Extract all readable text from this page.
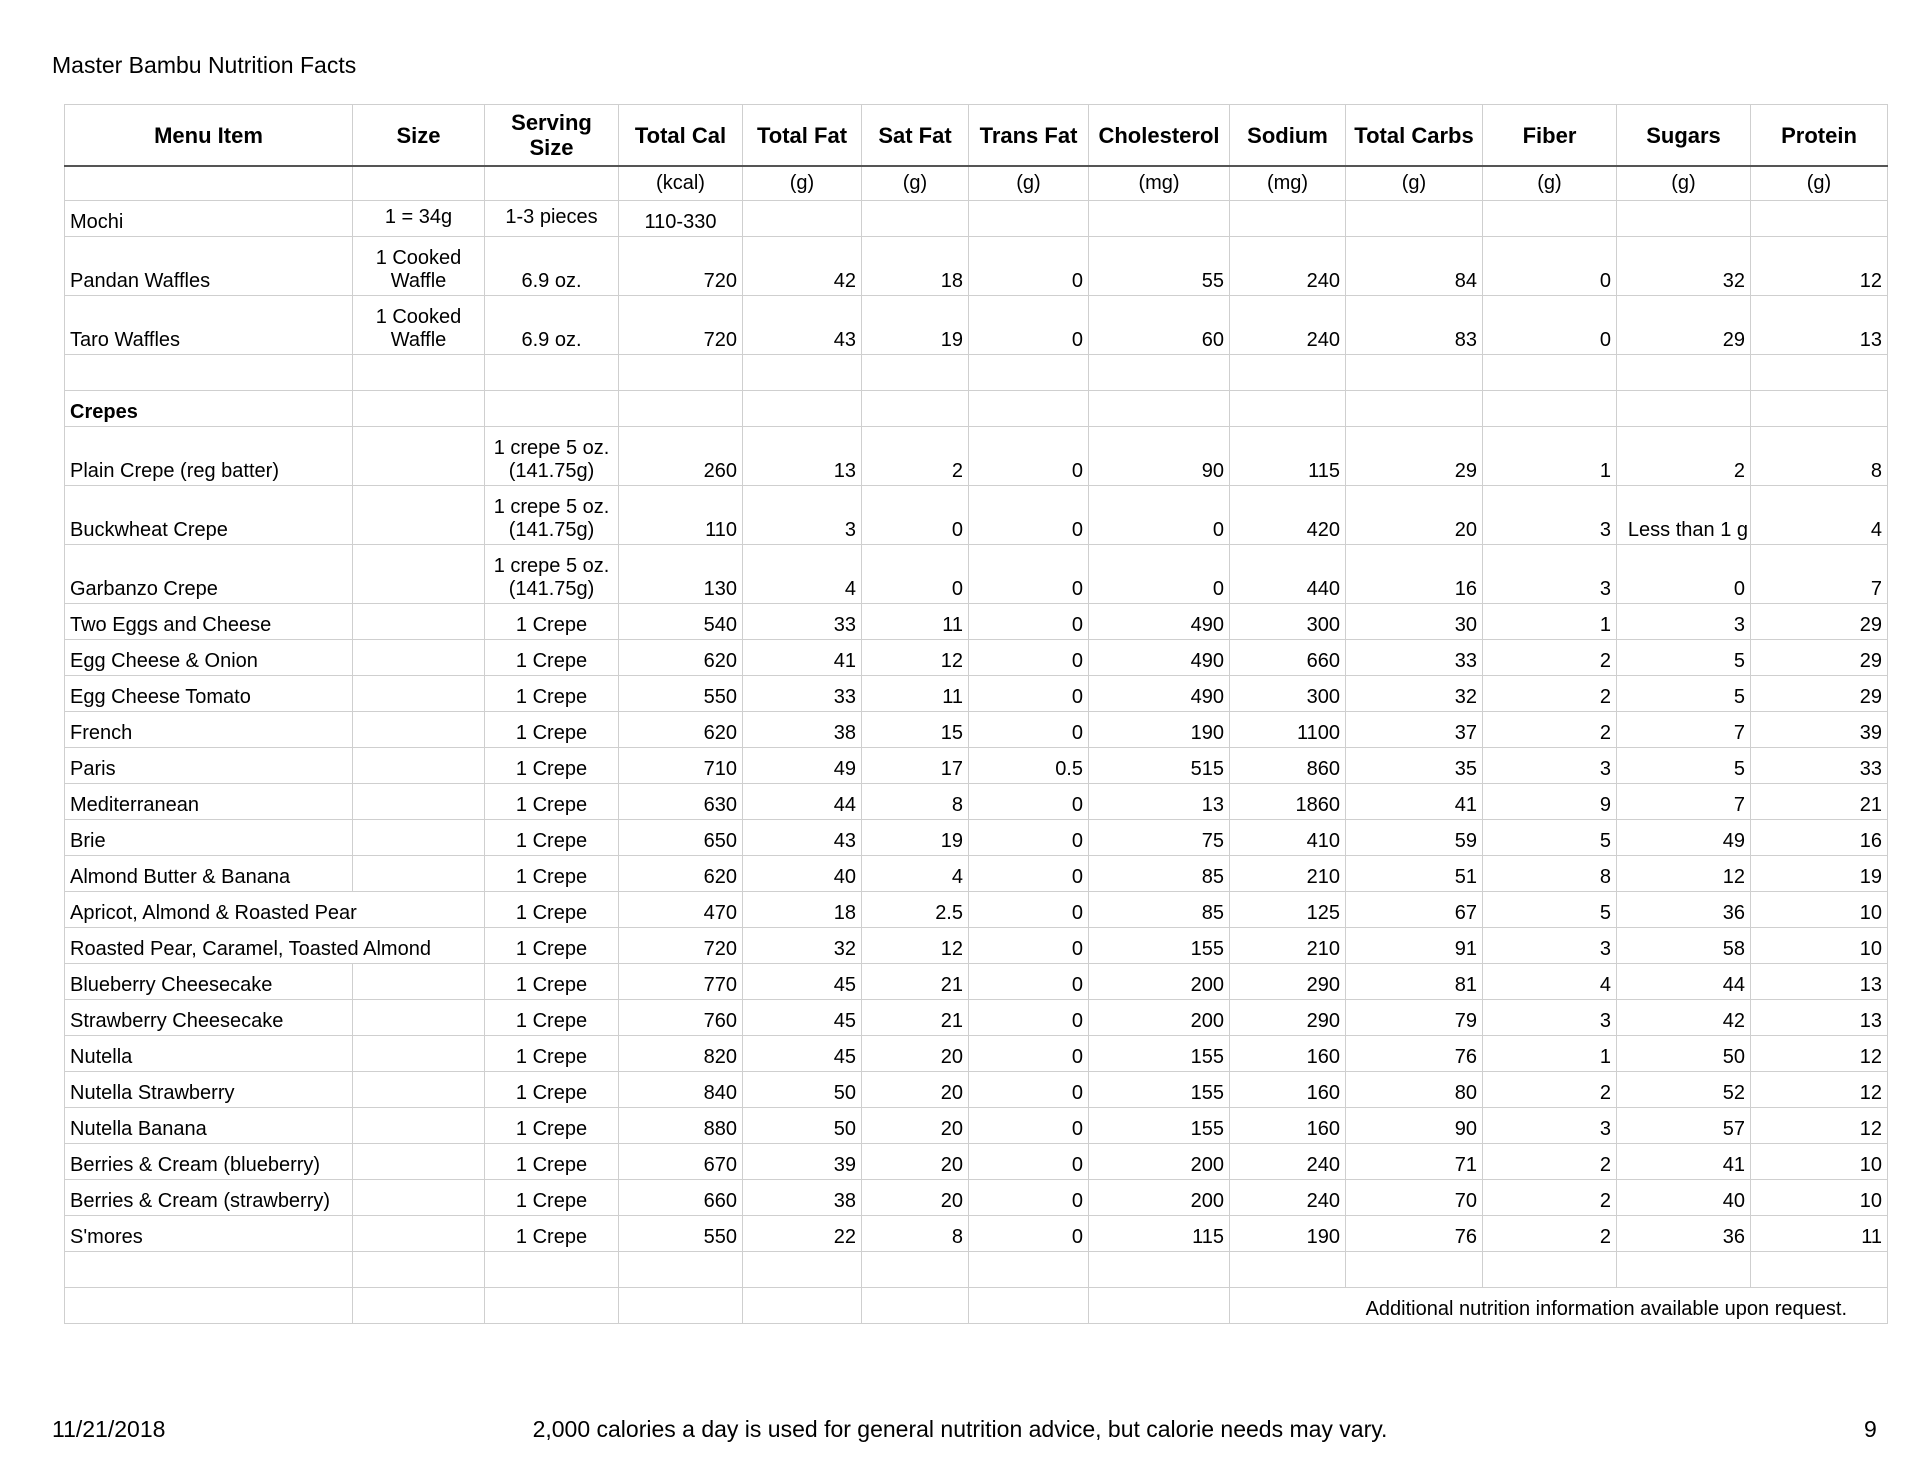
Master Bambu Nutrition Facts
Menu Item	Size	Serving Size	Total Cal	Total Fat	Sat Fat	Trans Fat	Cholesterol	Sodium	Total Carbs	Fiber	Sugars	Protein
			(kcal)	(g)	(g)	(g)	(mg)	(mg)	(g)	(g)	(g)	(g)
Mochi	1 = 34g	1-3 pieces	110-330									
Pandan Waffles	1 Cooked Waffle	6.9 oz.	720	42	18	0	55	240	84	0	32	12
Taro Waffles	1 Cooked Waffle	6.9 oz.	720	43	19	0	60	240	83	0	29	13

Crepes												
Plain Crepe (reg batter)		1 crepe 5 oz. (141.75g)	260	13	2	0	90	115	29	1	2	8
Buckwheat Crepe		1 crepe 5 oz. (141.75g)	110	3	0	0	0	420	20	3	Less than 1 g	4
Garbanzo Crepe		1 crepe 5 oz. (141.75g)	130	4	0	0	0	440	16	3	0	7
Two Eggs and Cheese		1 Crepe	540	33	11	0	490	300	30	1	3	29
Egg Cheese & Onion		1 Crepe	620	41	12	0	490	660	33	2	5	29
Egg Cheese Tomato		1 Crepe	550	33	11	0	490	300	32	2	5	29
French		1 Crepe	620	38	15	0	190	1100	37	2	7	39
Paris		1 Crepe	710	49	17	0.5	515	860	35	3	5	33
Mediterranean		1 Crepe	630	44	8	0	13	1860	41	9	7	21
Brie		1 Crepe	650	43	19	0	75	410	59	5	49	16
Almond Butter & Banana		1 Crepe	620	40	4	0	85	210	51	8	12	19
Apricot, Almond & Roasted Pear		1 Crepe	470	18	2.5	0	85	125	67	5	36	10
Roasted Pear, Caramel, Toasted Almond		1 Crepe	720	32	12	0	155	210	91	3	58	10
Blueberry Cheesecake		1 Crepe	770	45	21	0	200	290	81	4	44	13
Strawberry Cheesecake		1 Crepe	760	45	21	0	200	290	79	3	42	13
Nutella		1 Crepe	820	45	20	0	155	160	76	1	50	12
Nutella Strawberry		1 Crepe	840	50	20	0	155	160	80	2	52	12
Nutella Banana		1 Crepe	880	50	20	0	155	160	90	3	57	12
Berries & Cream (blueberry)		1 Crepe	670	39	20	0	200	240	71	2	41	10
Berries & Cream (strawberry)		1 Crepe	660	38	20	0	200	240	70	2	40	10
S'mores		1 Crepe	550	22	8	0	115	190	76	2	36	11

								Additional nutrition information available upon request.				
11/21/2018	2,000 calories a day is used for general nutrition advice, but calorie needs may vary.	9
